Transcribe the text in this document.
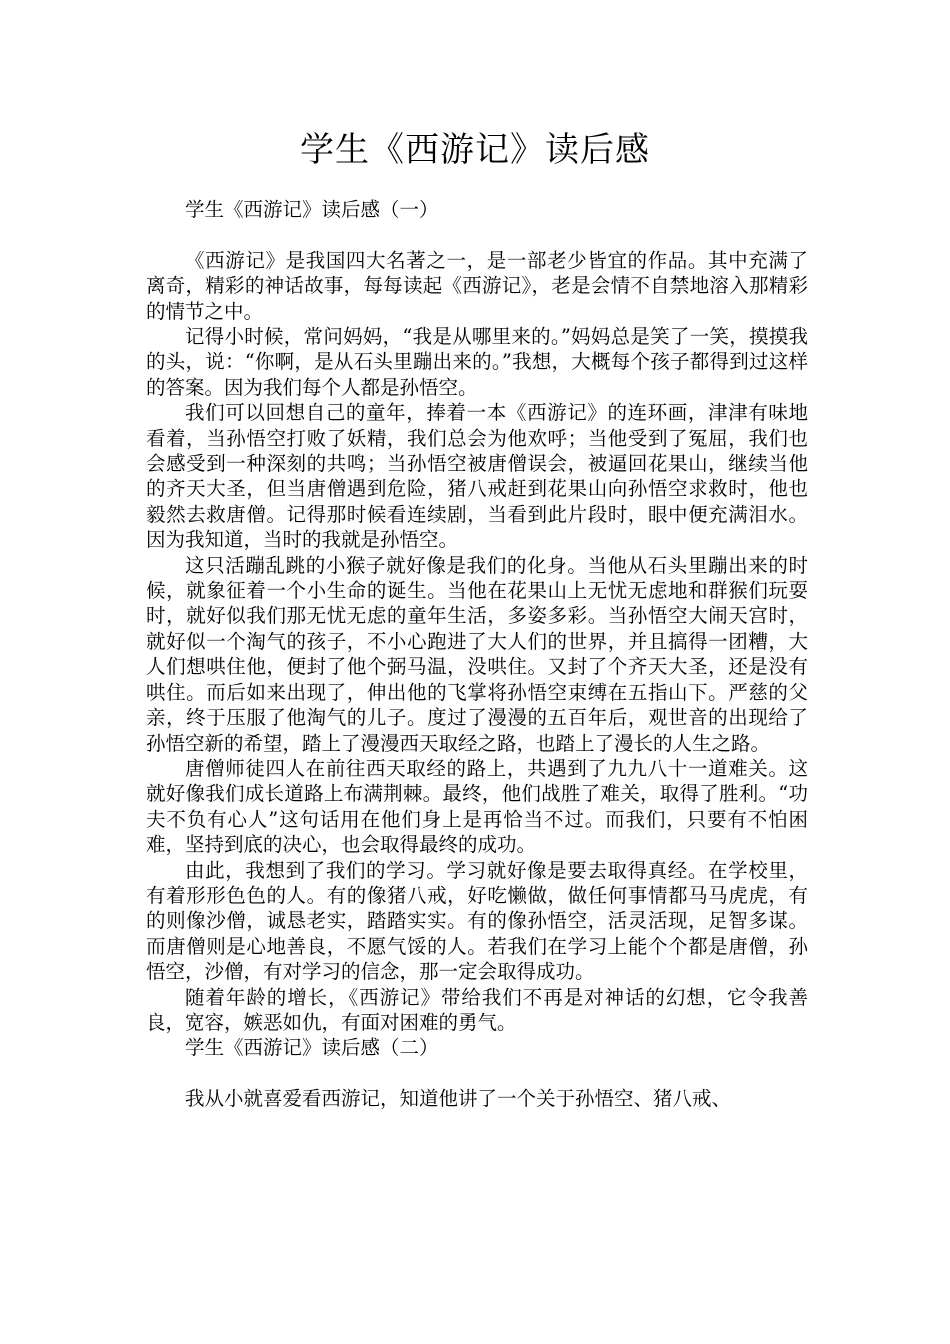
学生《西游记》读后感

学生《西游记》读后感（一）

《西游记》是我国四大名著之一，是一部老少皆宜的作品。其中充满了离奇，精彩的神话故事，每每读起《西游记》，老是会情不自禁地溶入那精彩的情节之中。

记得小时候，常问妈妈，“我是从哪里来的。”妈妈总是笑了一笑，摸摸我的头，说：“你啊，是从石头里蹦出来的。”我想，大概每个孩子都得到过这样的答案。因为我们每个人都是孙悟空。

我们可以回想自己的童年，捧着一本《西游记》的连环画，津津有味地看着，当孙悟空打败了妖精，我们总会为他欢呼；当他受到了冤屈，我们也会感受到一种深刻的共鸣；当孙悟空被唐僧误会，被逼回花果山，继续当他的齐天大圣，但当唐僧遇到危险，猪八戒赶到花果山向孙悟空求救时，他也毅然去救唐僧。记得那时候看连续剧，当看到此片段时，眼中便充满泪水。因为我知道，当时的我就是孙悟空。

这只活蹦乱跳的小猴子就好像是我们的化身。当他从石头里蹦出来的时候，就象征着一个小生命的诞生。当他在花果山上无忧无虑地和群猴们玩耍时，就好似我们那无忧无虑的童年生活，多姿多彩。当孙悟空大闹天宫时，就好似一个淘气的孩子，不小心跑进了大人们的世界，并且搞得一团糟，大人们想哄住他，便封了他个弼马温，没哄住。又封了个齐天大圣，还是没有哄住。而后如来出现了，伸出他的飞掌将孙悟空束缚在五指山下。严慈的父亲，终于压服了他淘气的儿子。度过了漫漫的五百年后，观世音的出现给了孙悟空新的希望，踏上了漫漫西天取经之路，也踏上了漫长的人生之路。

唐僧师徒四人在前往西天取经的路上，共遇到了九九八十一道难关。这就好像我们成长道路上布满荆棘。最终，他们战胜了难关，取得了胜利。“功夫不负有心人”这句话用在他们身上是再恰当不过。而我们，只要有不怕困难，坚持到底的决心，也会取得最终的成功。

由此，我想到了我们的学习。学习就好像是要去取得真经。在学校里，有着形形色色的人。有的像猪八戒，好吃懒做，做任何事情都马马虎虎，有的则像沙僧，诚恳老实，踏踏实实。有的像孙悟空，活灵活现，足智多谋。而唐僧则是心地善良，不愿气馁的人。若我们在学习上能个个都是唐僧，孙悟空，沙僧，有对学习的信念，那一定会取得成功。

随着年龄的增长，《西游记》带给我们不再是对神话的幻想，它令我善良，宽容，嫉恶如仇，有面对困难的勇气。

学生《西游记》读后感（二）

我从小就喜爱看西游记，知道他讲了一个关于孙悟空、猪八戒、
